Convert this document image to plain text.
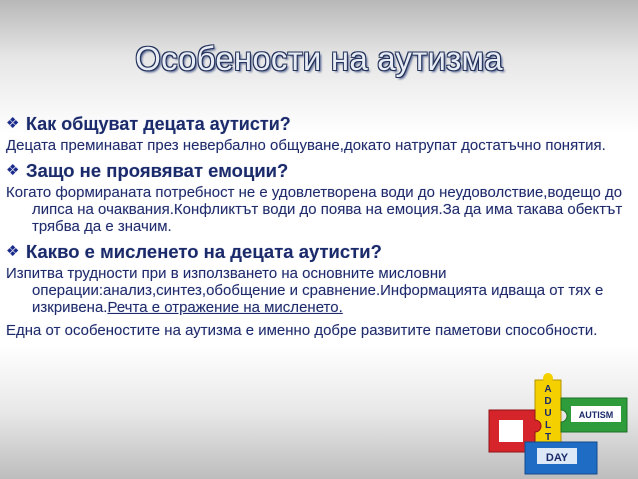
Особености на аутизма
❖ Как общуват децата аутисти?
Децата преминават през невербално общуване,докато натрупат достатъчно понятия.
❖ Защо не проявяват емоции?
Когато формираната потребност не е удовлетворена води до неудоволствие,водещо до липса на очаквания.Конфликтът води до поява на емоция.За да има такава обектът трябва да е значим.
❖ Какво е мисленето на децата аутисти?
Изпитва трудности при в използването на основните мисловни операции:анализ,синтез,обобщение и сравнение.Информацията идваща от тях е изкривена.Речта е отражение на мисленето.
Една от особеностите на аутизма е именно добре развитите паметови способности.
A
D
U
L
T
AUTISM
DAY
